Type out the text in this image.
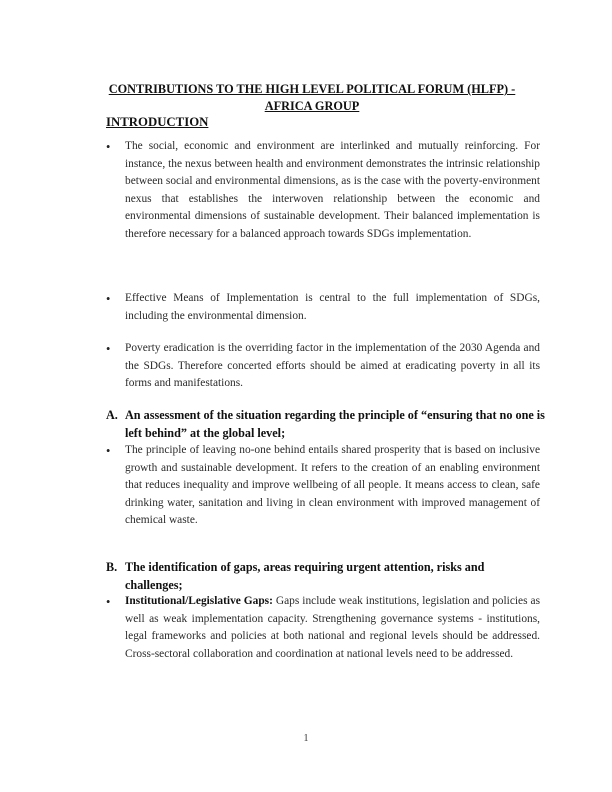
CONTRIBUTIONS TO THE HIGH LEVEL POLITICAL FORUM (HLFP) -
AFRICA GROUP
INTRODUCTION
• The social, economic and environment are interlinked and mutually reinforcing. For instance, the nexus between health and environment demonstrates the intrinsic relationship between social and environmental dimensions, as is the case with the poverty-environment nexus that establishes the interwoven relationship between the economic and environmental dimensions of sustainable development. Their balanced implementation is therefore necessary for a balanced approach towards SDGs implementation.
• Effective Means of Implementation is central to the full implementation of SDGs, including the environmental dimension.
• Poverty eradication is the overriding factor in the implementation of the 2030 Agenda and the SDGs. Therefore concerted efforts should be aimed at eradicating poverty in all its forms and manifestations.
A. An assessment of the situation regarding the principle of “ensuring that no one is left behind” at the global level;
• The principle of leaving no-one behind entails shared prosperity that is based on inclusive growth and sustainable development. It refers to the creation of an enabling environment that reduces inequality and improve wellbeing of all people. It means access to clean, safe drinking water, sanitation and living in clean environment with improved management of chemical waste.
B. The identification of gaps, areas requiring urgent attention, risks and challenges;
• Institutional/Legislative Gaps: Gaps include weak institutions, legislation and policies as well as weak implementation capacity. Strengthening governance systems - institutions, legal frameworks and policies at both national and regional levels should be addressed. Cross-sectoral collaboration and coordination at national levels need to be addressed.
1
